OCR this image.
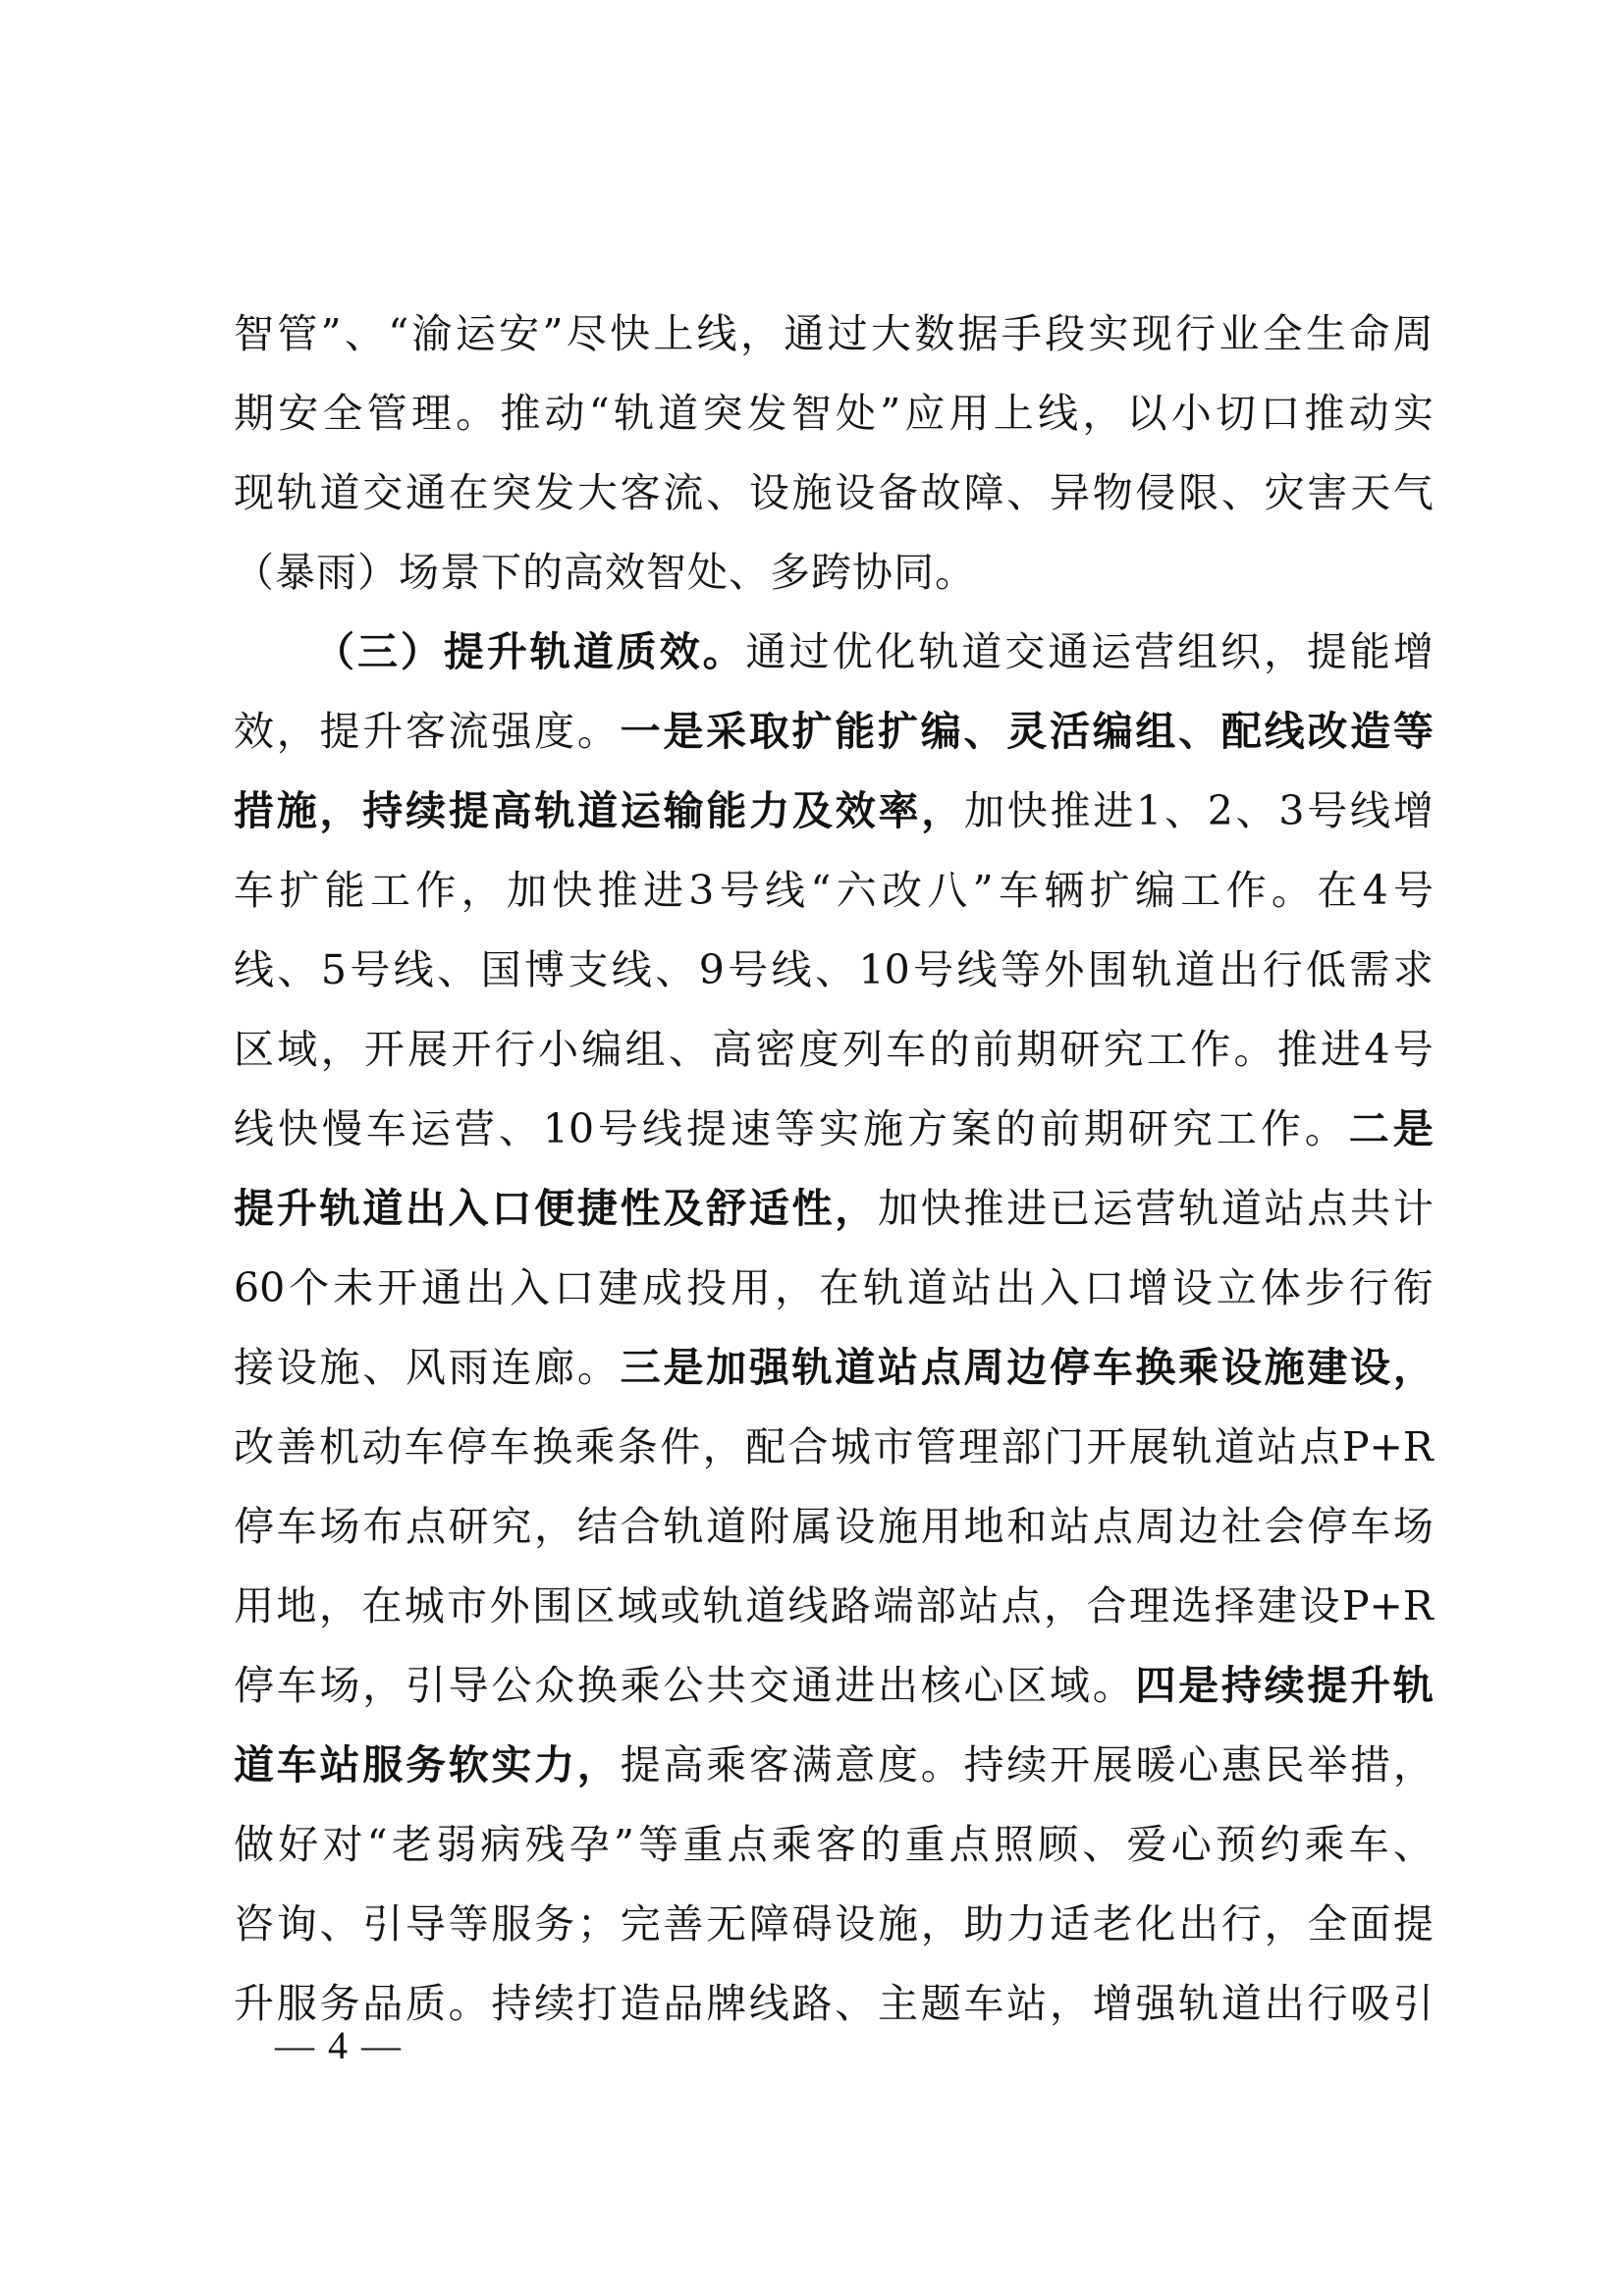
智 管 ” 、 “ 渝 运 安 ” 尽 快 上 线 ， 通 过 大 数 据 手 段 实 现 行 业 全 生 命 周
期 安 全 管 理 。 推 动 “ 轨 道 突 发 智 处 ” 应 用 上 线 ， 以 小 切 口 推 动 实
现 轨 道 交 通 在 突 发 大 客 流 、 设 施 设 备 故 障 、 异 物 侵 限 、 灾 害 天 气
（ 暴 雨 ） 场 景 下 的 高 效 智 处 、 多 跨 协 同 。
（ 三 ） 提 升 轨 道 质 效 。 通 过 优 化 轨 道 交 通 运 营 组 织 ， 提 能 增
效 ， 提 升 客 流 强 度 。 一 是 采 取 扩 能 扩 编 、 灵 活 编 组 、 配 线 改 造 等
措 施 ， 持 续 提 高 轨 道 运 输 能 力 及 效 率 ， 加 快 推 进 1 、 2 、 3 号 线 增
车 扩 能 工 作 ， 加 快 推 进 3 号 线 “ 六 改 八 ” 车 辆 扩 编 工 作 。 在 4 号
线 、 5 号 线 、 国 博 支 线 、 9 号 线 、 10 号 线 等 外 围 轨 道 出 行 低 需 求
区 域 ， 开 展 开 行 小 编 组 、 高 密 度 列 车 的 前 期 研 究 工 作 。 推 进 4 号
线 快 慢 车 运 营 、 10 号 线 提 速 等 实 施 方 案 的 前 期 研 究 工 作 。 二 是
提 升 轨 道 出 入 口 便 捷 性 及 舒 适 性 ， 加 快 推 进 已 运 营 轨 道 站 点 共 计
60 个 未 开 通 出 入 口 建 成 投 用 ， 在 轨 道 站 出 入 口 增 设 立 体 步 行 衔
接 设 施 、 风 雨 连 廊 。 三 是 加 强 轨 道 站 点 周 边 停 车 换 乘 设 施 建 设 ，
改 善 机 动 车 停 车 换 乘 条 件 ， 配 合 城 市 管 理 部 门 开 展 轨 道 站 点 P+R
停 车 场 布 点 研 究 ， 结 合 轨 道 附 属 设 施 用 地 和 站 点 周 边 社 会 停 车 场
用 地 ， 在 城 市 外 围 区 域 或 轨 道 线 路 端 部 站 点 ， 合 理 选 择 建 设 P+R
停 车 场 ， 引 导 公 众 换 乘 公 共 交 通 进 出 核 心 区 域 。 四 是 持 续 提 升 轨
道 车 站 服 务 软 实 力 ， 提 高 乘 客 满 意 度 。 持 续 开 展 暖 心 惠 民 举 措 ，
做 好 对 “ 老 弱 病 残 孕 ” 等 重 点 乘 客 的 重 点 照 顾 、 爱 心 预 约 乘 车 、
咨 询 、 引 导 等 服 务 ； 完 善 无 障 碍 设 施 ， 助 力 适 老 化 出 行 ， 全 面 提
升 服 务 品 质 。 持 续 打 造 品 牌 线 路 、 主 题 车 站 ， 增 强 轨 道 出 行 吸 引
— 4 —
